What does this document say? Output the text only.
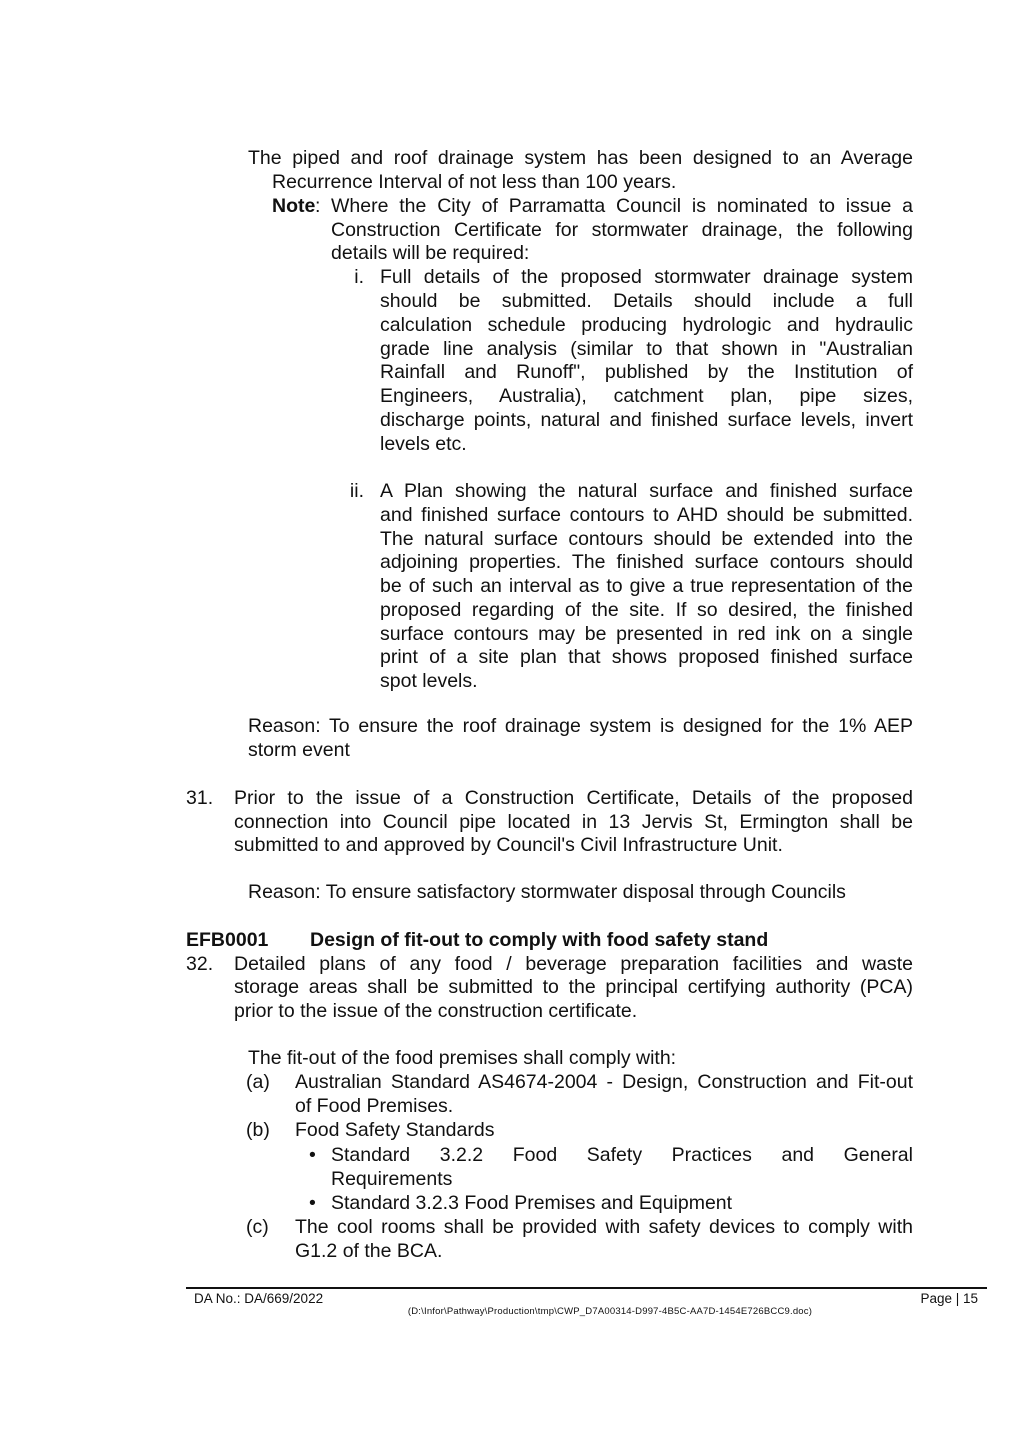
The piped and roof drainage system has been designed to an Average
Recurrence Interval of not less than 100 years.
Note : Where the City of Parramatta Council is nominated to issue a
Construction Certificate for stormwater drainage, the following
details will be required:
i. Full details of the proposed stormwater drainage system
should be submitted. Details should include a full
calculation schedule producing hydrologic and hydraulic
grade line analysis (similar to that shown in "Australian
Rainfall and Runoff", published by the Institution of
Engineers, Australia), catchment plan, pipe sizes,
discharge points, natural and finished surface levels, invert
levels etc.
ii. A Plan showing the natural surface and finished surface
and finished surface contours to AHD should be submitted.
The natural surface contours should be extended into the
adjoining properties. The finished surface contours should
be of such an interval as to give a true representation of the
proposed regarding of the site. If so desired, the finished
surface contours may be presented in red ink on a single
print of a site plan that shows proposed finished surface
spot levels.
Reason: To ensure the roof drainage system is designed for the 1% AEP
storm event
31. Prior to the issue of a Construction Certificate, Details of the proposed
connection into Council pipe located in 13 Jervis St, Ermington shall be
submitted to and approved by Council's Civil Infrastructure Unit.
Reason: To ensure satisfactory stormwater disposal through Councils
EFB0001 Design of fit-out to comply with food safety stand
32. Detailed plans of any food / beverage preparation facilities and waste
storage areas shall be submitted to the principal certifying authority (PCA)
prior to the issue of the construction certificate.
The fit-out of the food premises shall comply with:
(a) Australian Standard AS4674-2004 - Design, Construction and Fit-out
of Food Premises.
(b) Food Safety Standards
• Standard 3.2.2 Food Safety Practices and General
Requirements
• Standard 3.2.3 Food Premises and Equipment
(c) The cool rooms shall be provided with safety devices to comply with
G1.2 of the BCA.
DA No.: DA/669/2022	Page | 15
(D:\Infor\Pathway\Production\tmp\CWP_D7A00314-D997-4B5C-AA7D-1454E726BCC9.doc)
